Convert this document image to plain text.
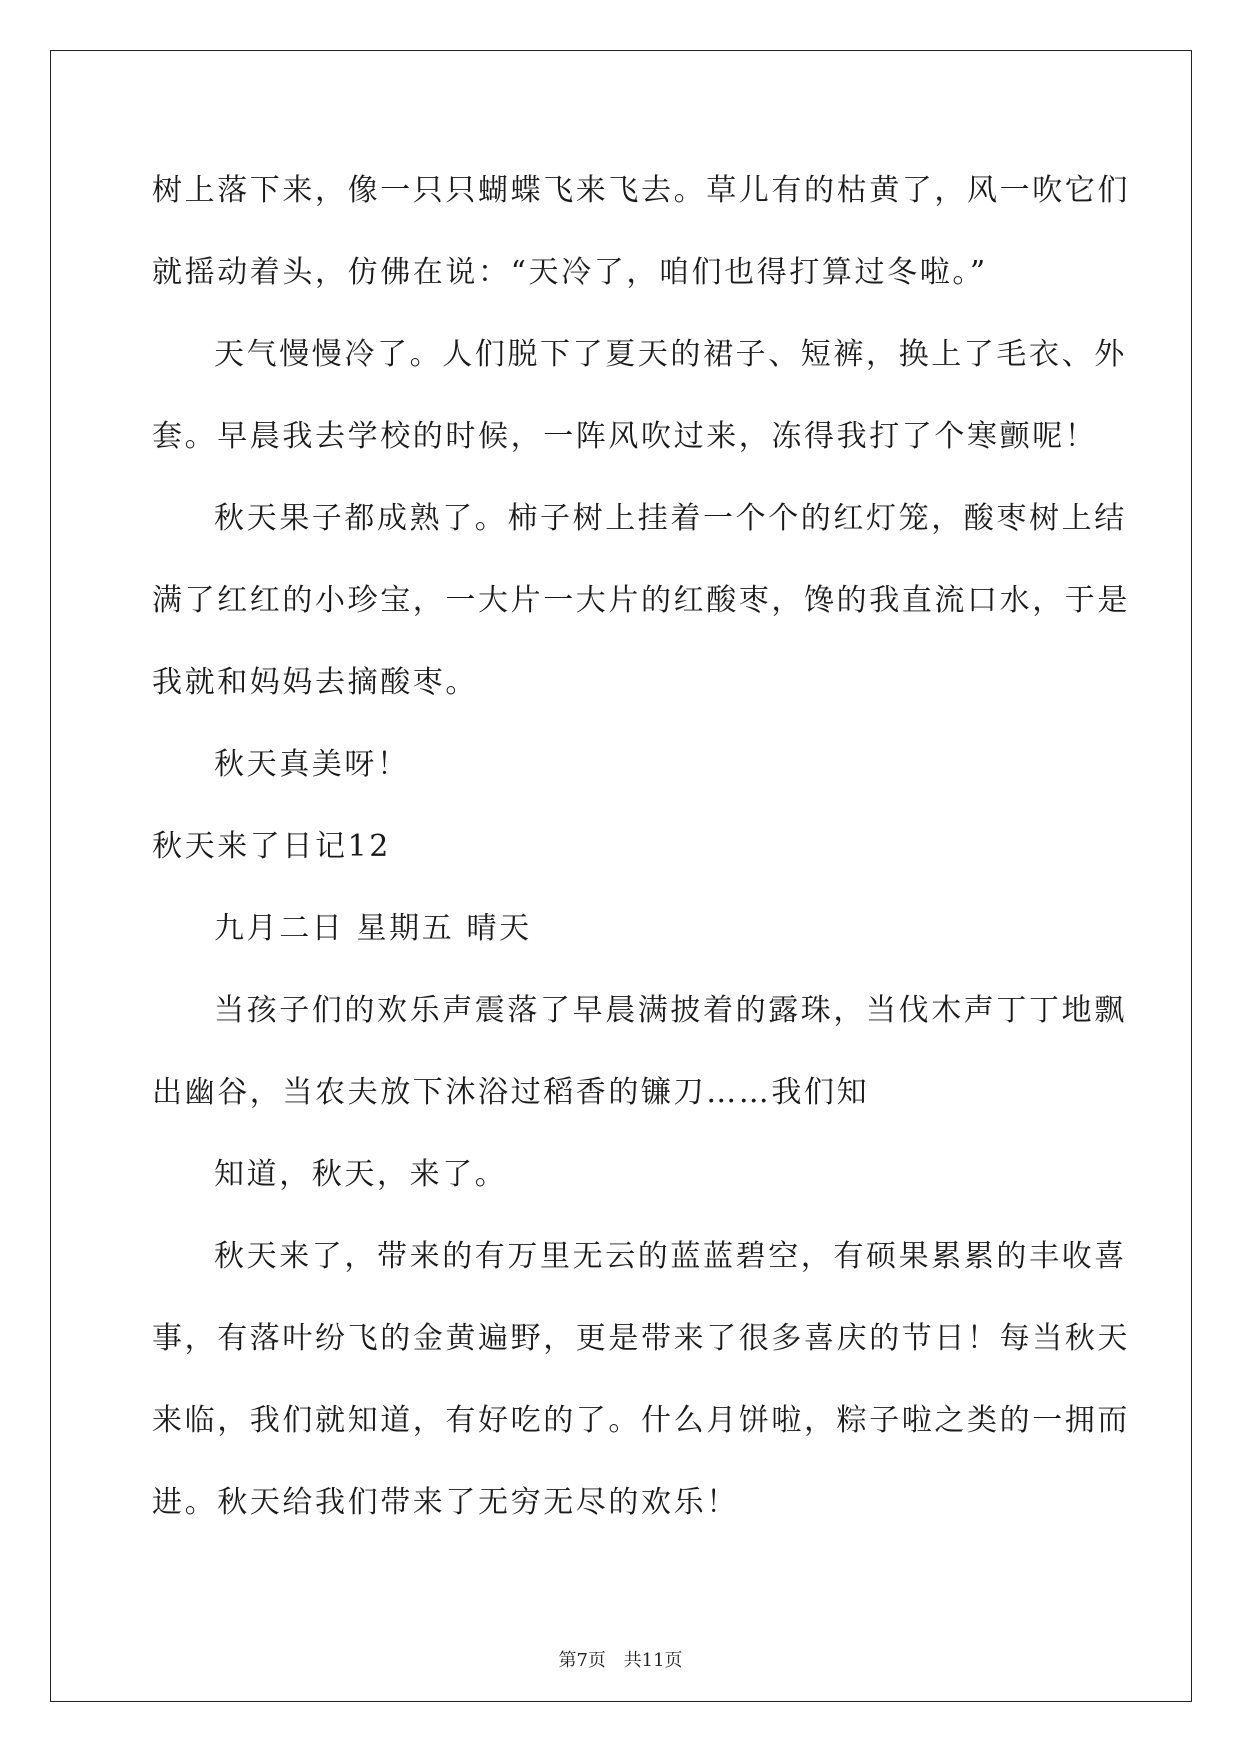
树上落下来，像一只只蝴蝶飞来飞去。草儿有的枯黄了，风一吹它们
就摇动着头，仿佛在说：“天冷了，咱们也得打算过冬啦。”
天气慢慢冷了。人们脱下了夏天的裙子、短裤，换上了毛衣、外
套。早晨我去学校的时候，一阵风吹过来，冻得我打了个寒颤呢！
秋天果子都成熟了。柿子树上挂着一个个的红灯笼，酸枣树上结
满了红红的小珍宝，一大片一大片的红酸枣，馋的我直流口水，于是
我就和妈妈去摘酸枣。
秋天真美呀！
秋天来了日记12
九月二日 星期五 晴天
当孩子们的欢乐声震落了早晨满披着的露珠，当伐木声丁丁地飘
出幽谷，当农夫放下沐浴过稻香的镰刀……我们知
知道，秋天，来了。
秋天来了，带来的有万里无云的蓝蓝碧空，有硕果累累的丰收喜
事，有落叶纷飞的金黄遍野，更是带来了很多喜庆的节日！每当秋天
来临，我们就知道，有好吃的了。什么月饼啦，粽子啦之类的一拥而
进。秋天给我们带来了无穷无尽的欢乐！
第7页 共11页
